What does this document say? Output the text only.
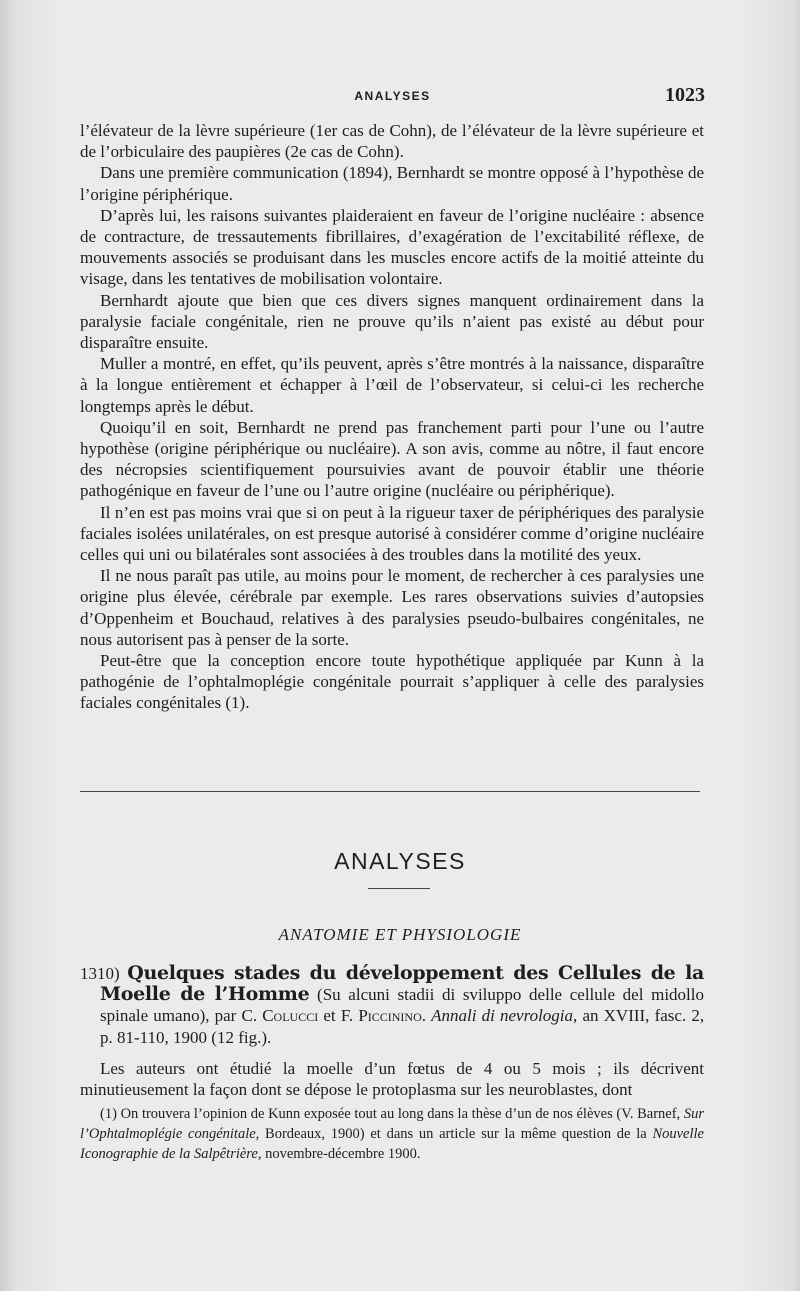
ANALYSES	1023

l’élévateur de la lèvre supérieure (1er cas de Cohn), de l’élévateur de la lèvre supérieure et de l’orbiculaire des paupières (2e cas de Cohn).

Dans une première communication (1894), Bernhardt se montre opposé à l’hypothèse de l’origine périphérique.

D’après lui, les raisons suivantes plaideraient en faveur de l’origine nucléaire : absence de contracture, de tressautements fibrillaires, d’exagération de l’excitabilité réflexe, de mouvements associés se produisant dans les muscles encore actifs de la moitié atteinte du visage, dans les tentatives de mobilisation volontaire.

Bernhardt ajoute que bien que ces divers signes manquent ordinairement dans la paralysie faciale congénitale, rien ne prouve qu’ils n’aient pas existé au début pour disparaître ensuite.

Muller a montré, en effet, qu’ils peuvent, après s’être montrés à la naissance, disparaître à la longue entièrement et échapper à l’œil de l’observateur, si celui-ci les recherche longtemps après le début.

Quoiqu’il en soit, Bernhardt ne prend pas franchement parti pour l’une ou l’autre hypothèse (origine périphérique ou nucléaire). A son avis, comme au nôtre, il faut encore des nécropsies scientifiquement poursuivies avant de pouvoir établir une théorie pathogénique en faveur de l’une ou l’autre origine (nucléaire ou périphérique).

Il n’en est pas moins vrai que si on peut à la rigueur taxer de périphériques des paralysie faciales isolées unilatérales, on est presque autorisé à considérer comme d’origine nucléaire celles qui uni ou bilatérales sont associées à des troubles dans la motilité des yeux.

Il ne nous paraît pas utile, au moins pour le moment, de rechercher à ces paralysies une origine plus élevée, cérébrale par exemple. Les rares observations suivies d’autopsies d’Oppenheim et Bouchaud, relatives à des paralysies pseudo-bulbaires congénitales, ne nous autorisent pas à penser de la sorte.

Peut-être que la conception encore toute hypothétique appliquée par Kunn à la pathogénie de l’ophtalmoplégie congénitale pourrait s’appliquer à celle des paralysies faciales congénitales (1).

ANALYSES
ANATOMIE ET PHYSIOLOGIE

1310) Quelques stades du développement des Cellules de la Moelle de l’Homme (Su alcuni stadii di sviluppo delle cellule del midollo spinale umano), par C. Colucci et F. Piccinino. Annali di nevrologia, an XVIII, fasc. 2, p. 81-110, 1900 (12 fig.).

Les auteurs ont étudié la moelle d’un fœtus de 4 ou 5 mois ; ils décrivent minutieusement la façon dont se dépose le protoplasma sur les neuroblastes, dont

(1) On trouvera l’opinion de Kunn exposée tout au long dans la thèse d’un de nos élèves (V. Barnef, Sur l’Ophtalmoplégie congénitale, Bordeaux, 1900) et dans un article sur la même question de la Nouvelle Iconographie de la Salpêtrière, novembre-décembre 1900.
